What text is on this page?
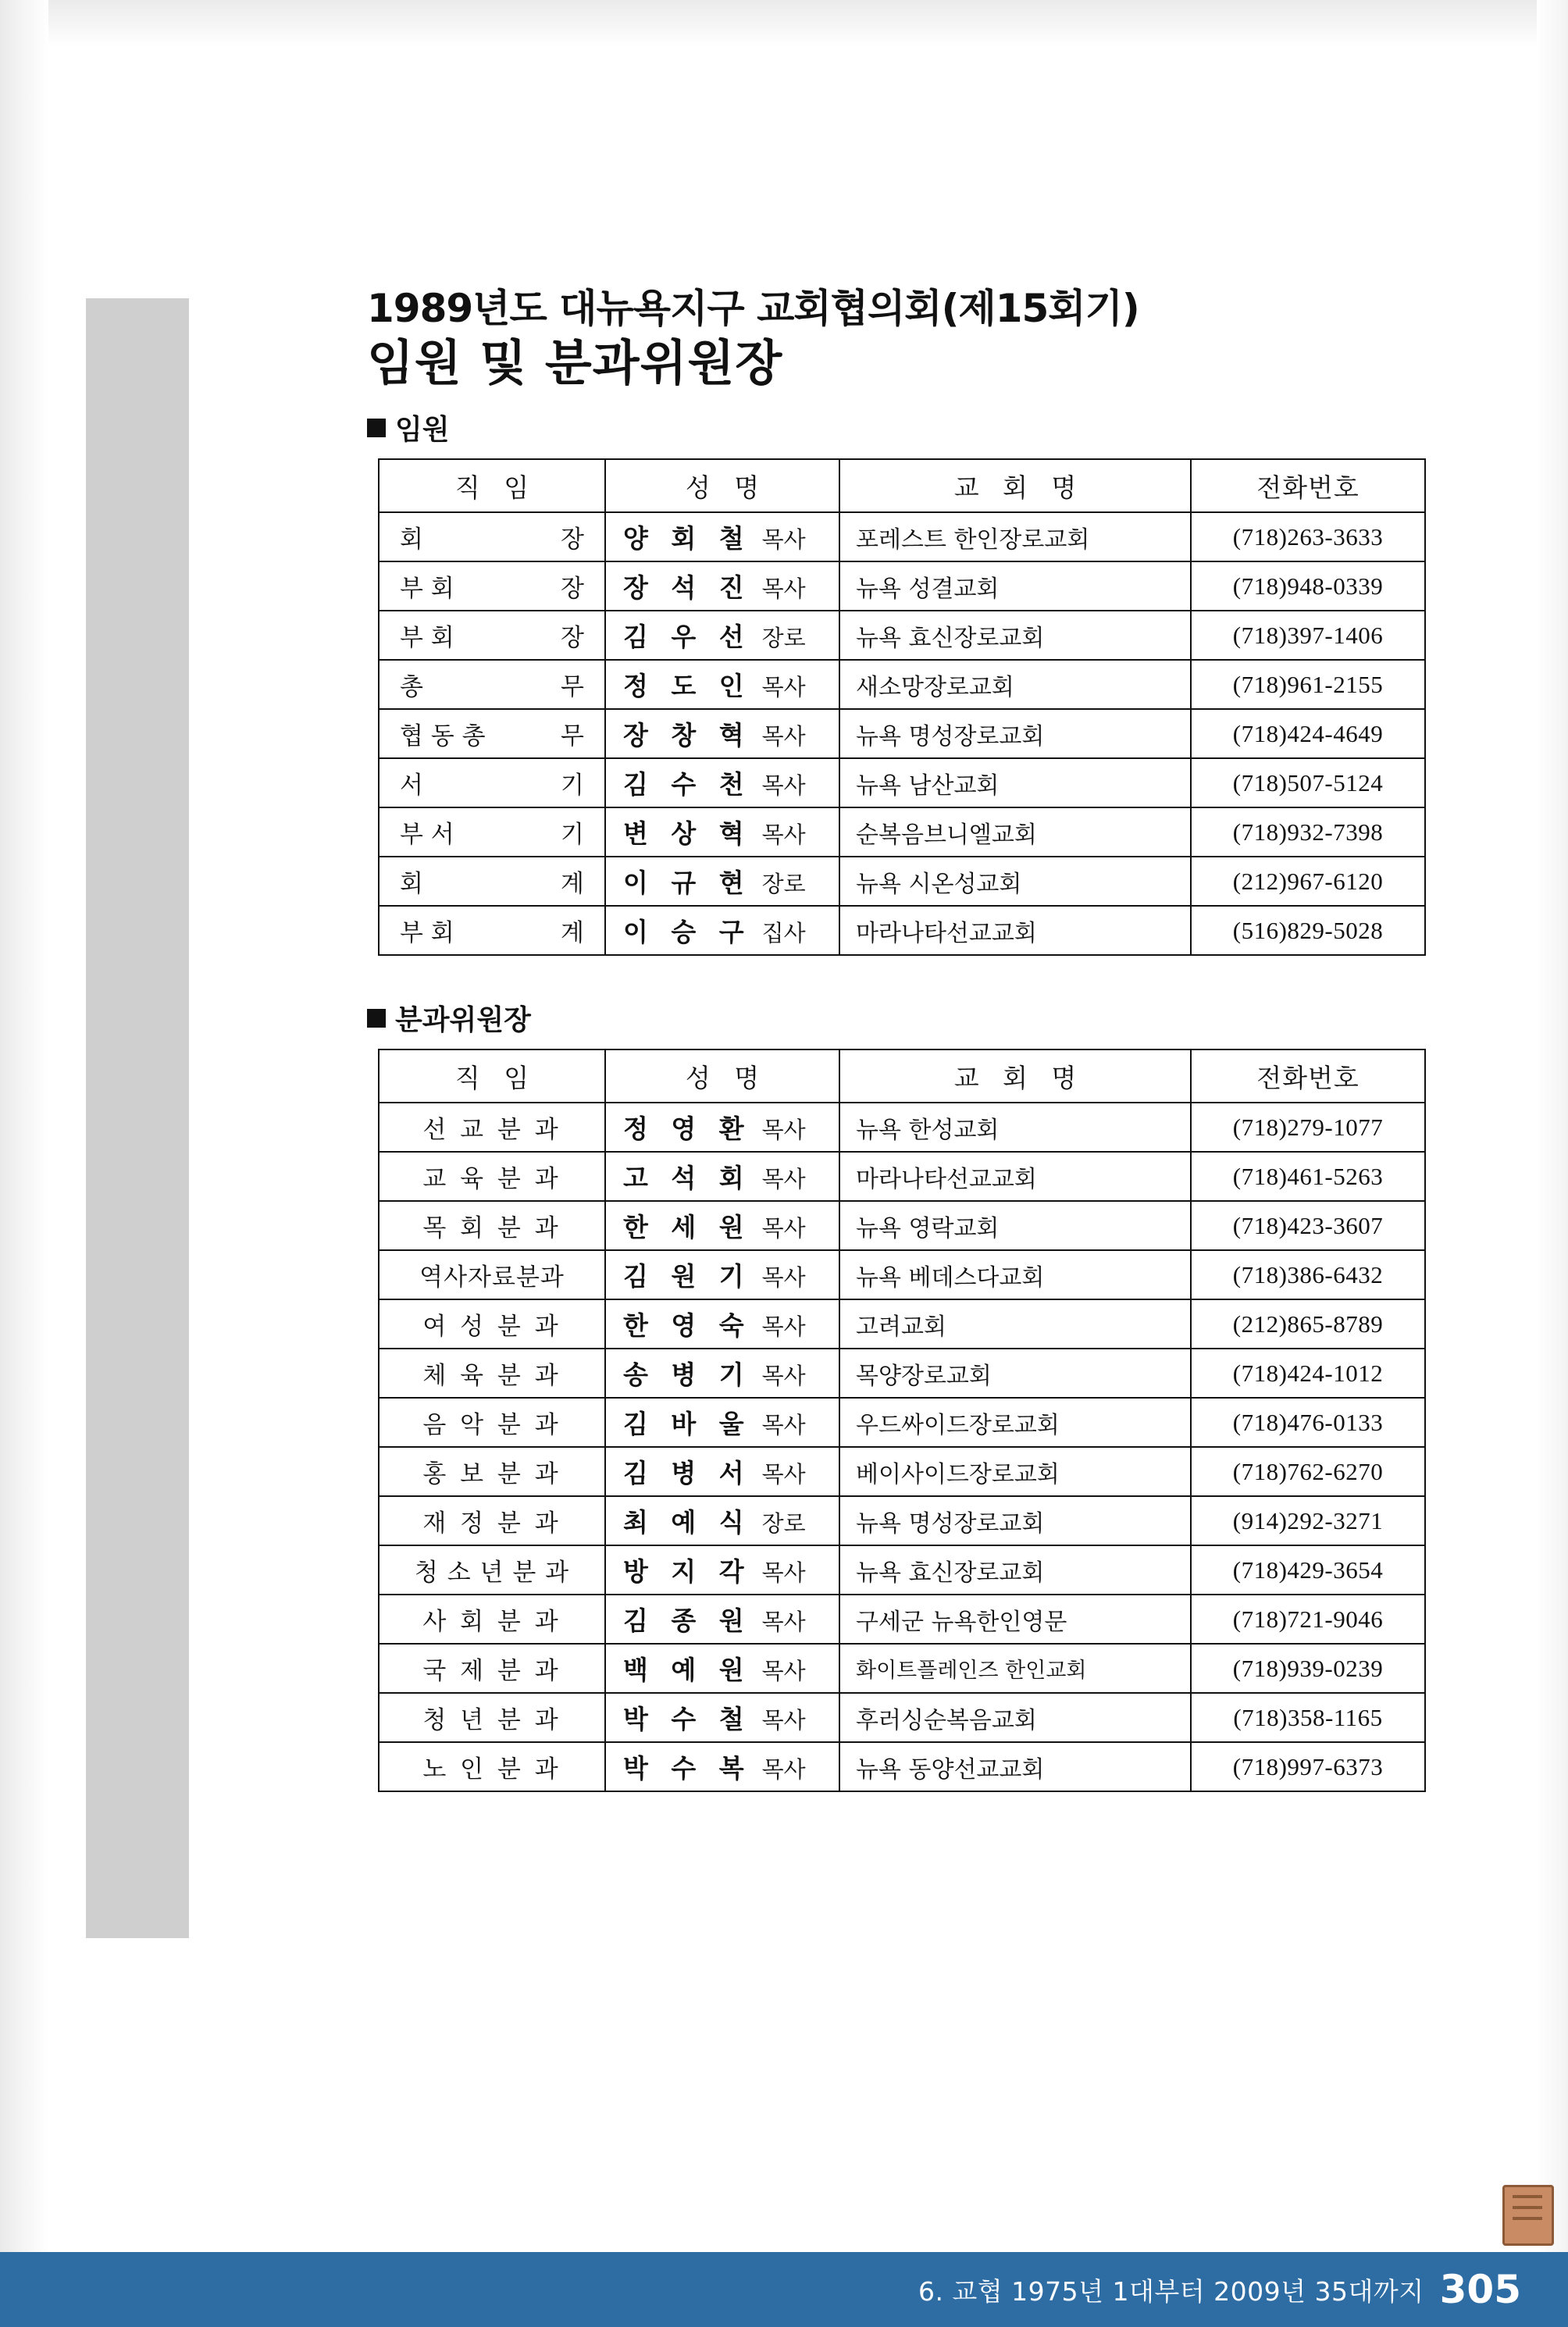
1989년도 대뉴욕지구 교회협의회(제15회기)
임원 및 분과위원장
임원
직 임	성 명	교 회 명	전화번호

회 장	양 회 철 목사	포레스트 한인장로교회	(718)263-3633

부 회 장	장 석 진 목사	뉴욕 성결교회	(718)948-0339

부 회 장	김 우 선 장로	뉴욕 효신장로교회	(718)397-1406

총 무	정 도 인 목사	새소망장로교회	(718)961-2155

협 동 총 무	장 창 혁 목사	뉴욕 명성장로교회	(718)424-4649

서 기	김 수 천 목사	뉴욕 남산교회	(718)507-5124

부 서 기	변 상 혁 목사	순복음브니엘교회	(718)932-7398

회 계	이 규 현 장로	뉴욕 시온성교회	(212)967-6120

부 회 계	이 승 구 집사	마라나타선교교회	(516)829-5028
분과위원장
직 임	성 명	교 회 명	전화번호

선 교 분 과	정 영 환 목사	뉴욕 한성교회	(718)279-1077

교 육 분 과	고 석 회 목사	마라나타선교교회	(718)461-5263

목 회 분 과	한 세 원 목사	뉴욕 영락교회	(718)423-3607

역사자료분과	김 원 기 목사	뉴욕 베데스다교회	(718)386-6432

여 성 분 과	한 영 숙 목사	고려교회	(212)865-8789

체 육 분 과	송 병 기 목사	목양장로교회	(718)424-1012

음 악 분 과	김 바 울 목사	우드싸이드장로교회	(718)476-0133

홍 보 분 과	김 병 서 목사	베이사이드장로교회	(718)762-6270

재 정 분 과	최 예 식 장로	뉴욕 명성장로교회	(914)292-3271

청 소 년 분 과	방 지 각 목사	뉴욕 효신장로교회	(718)429-3654

사 회 분 과	김 종 원 목사	구세군 뉴욕한인영문	(718)721-9046

국 제 분 과	백 예 원 목사	화이트플레인즈 한인교회	(718)939-0239

청 년 분 과	박 수 철 목사	후러싱순복음교회	(718)358-1165

노 인 분 과	박 수 복 목사	뉴욕 동양선교교회	(718)997-6373
6. 교협 1975년 1대부터 2009년 35대까지 305
